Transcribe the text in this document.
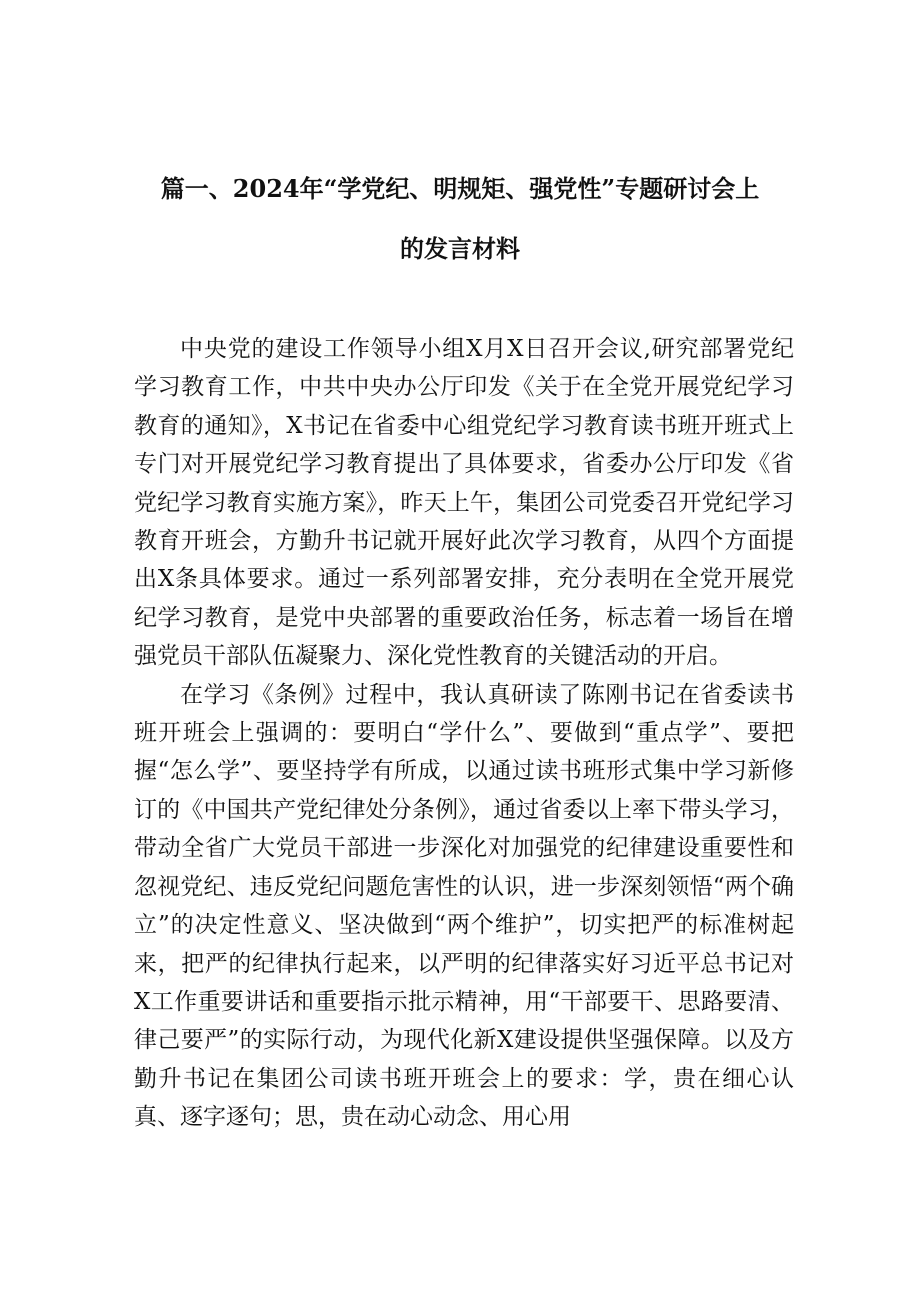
篇一、2024年“学党纪、明规矩、强党性”专题研讨会上
的发言材料

中央党的建设工作领导小组X月X日召开会议,研究部署党纪学习教育工作，中共中央办公厅印发《关于在全党开展党纪学习教育的通知》，X书记在省委中心组党纪学习教育读书班开班式上专门对开展党纪学习教育提出了具体要求，省委办公厅印发《省党纪学习教育实施方案》，昨天上午，集团公司党委召开党纪学习教育开班会，方勤升书记就开展好此次学习教育，从四个方面提出X条具体要求。通过一系列部署安排，充分表明在全党开展党纪学习教育，是党中央部署的重要政治任务，标志着一场旨在增强党员干部队伍凝聚力、深化党性教育的关键活动的开启。

在学习《条例》过程中，我认真研读了陈刚书记在省委读书班开班会上强调的：要明白“学什么”、要做到“重点学”、要把握“怎么学”、要坚持学有所成，以通过读书班形式集中学习新修订的《中国共产党纪律处分条例》，通过省委以上率下带头学习，带动全省广大党员干部进一步深化对加强党的纪律建设重要性和忽视党纪、违反党纪问题危害性的认识，进一步深刻领悟“两个确立”的决定性意义、坚决做到“两个维护”，切实把严的标准树起来，把严的纪律执行起来，以严明的纪律落实好习近平总书记对X工作重要讲话和重要指示批示精神，用“干部要干、思路要清、律己要严”的实际行动，为现代化新X建设提供坚强保障。以及方勤升书记在集团公司读书班开班会上的要求：学，贵在细心认真、逐字逐句；思，贵在动心动念、用心用
